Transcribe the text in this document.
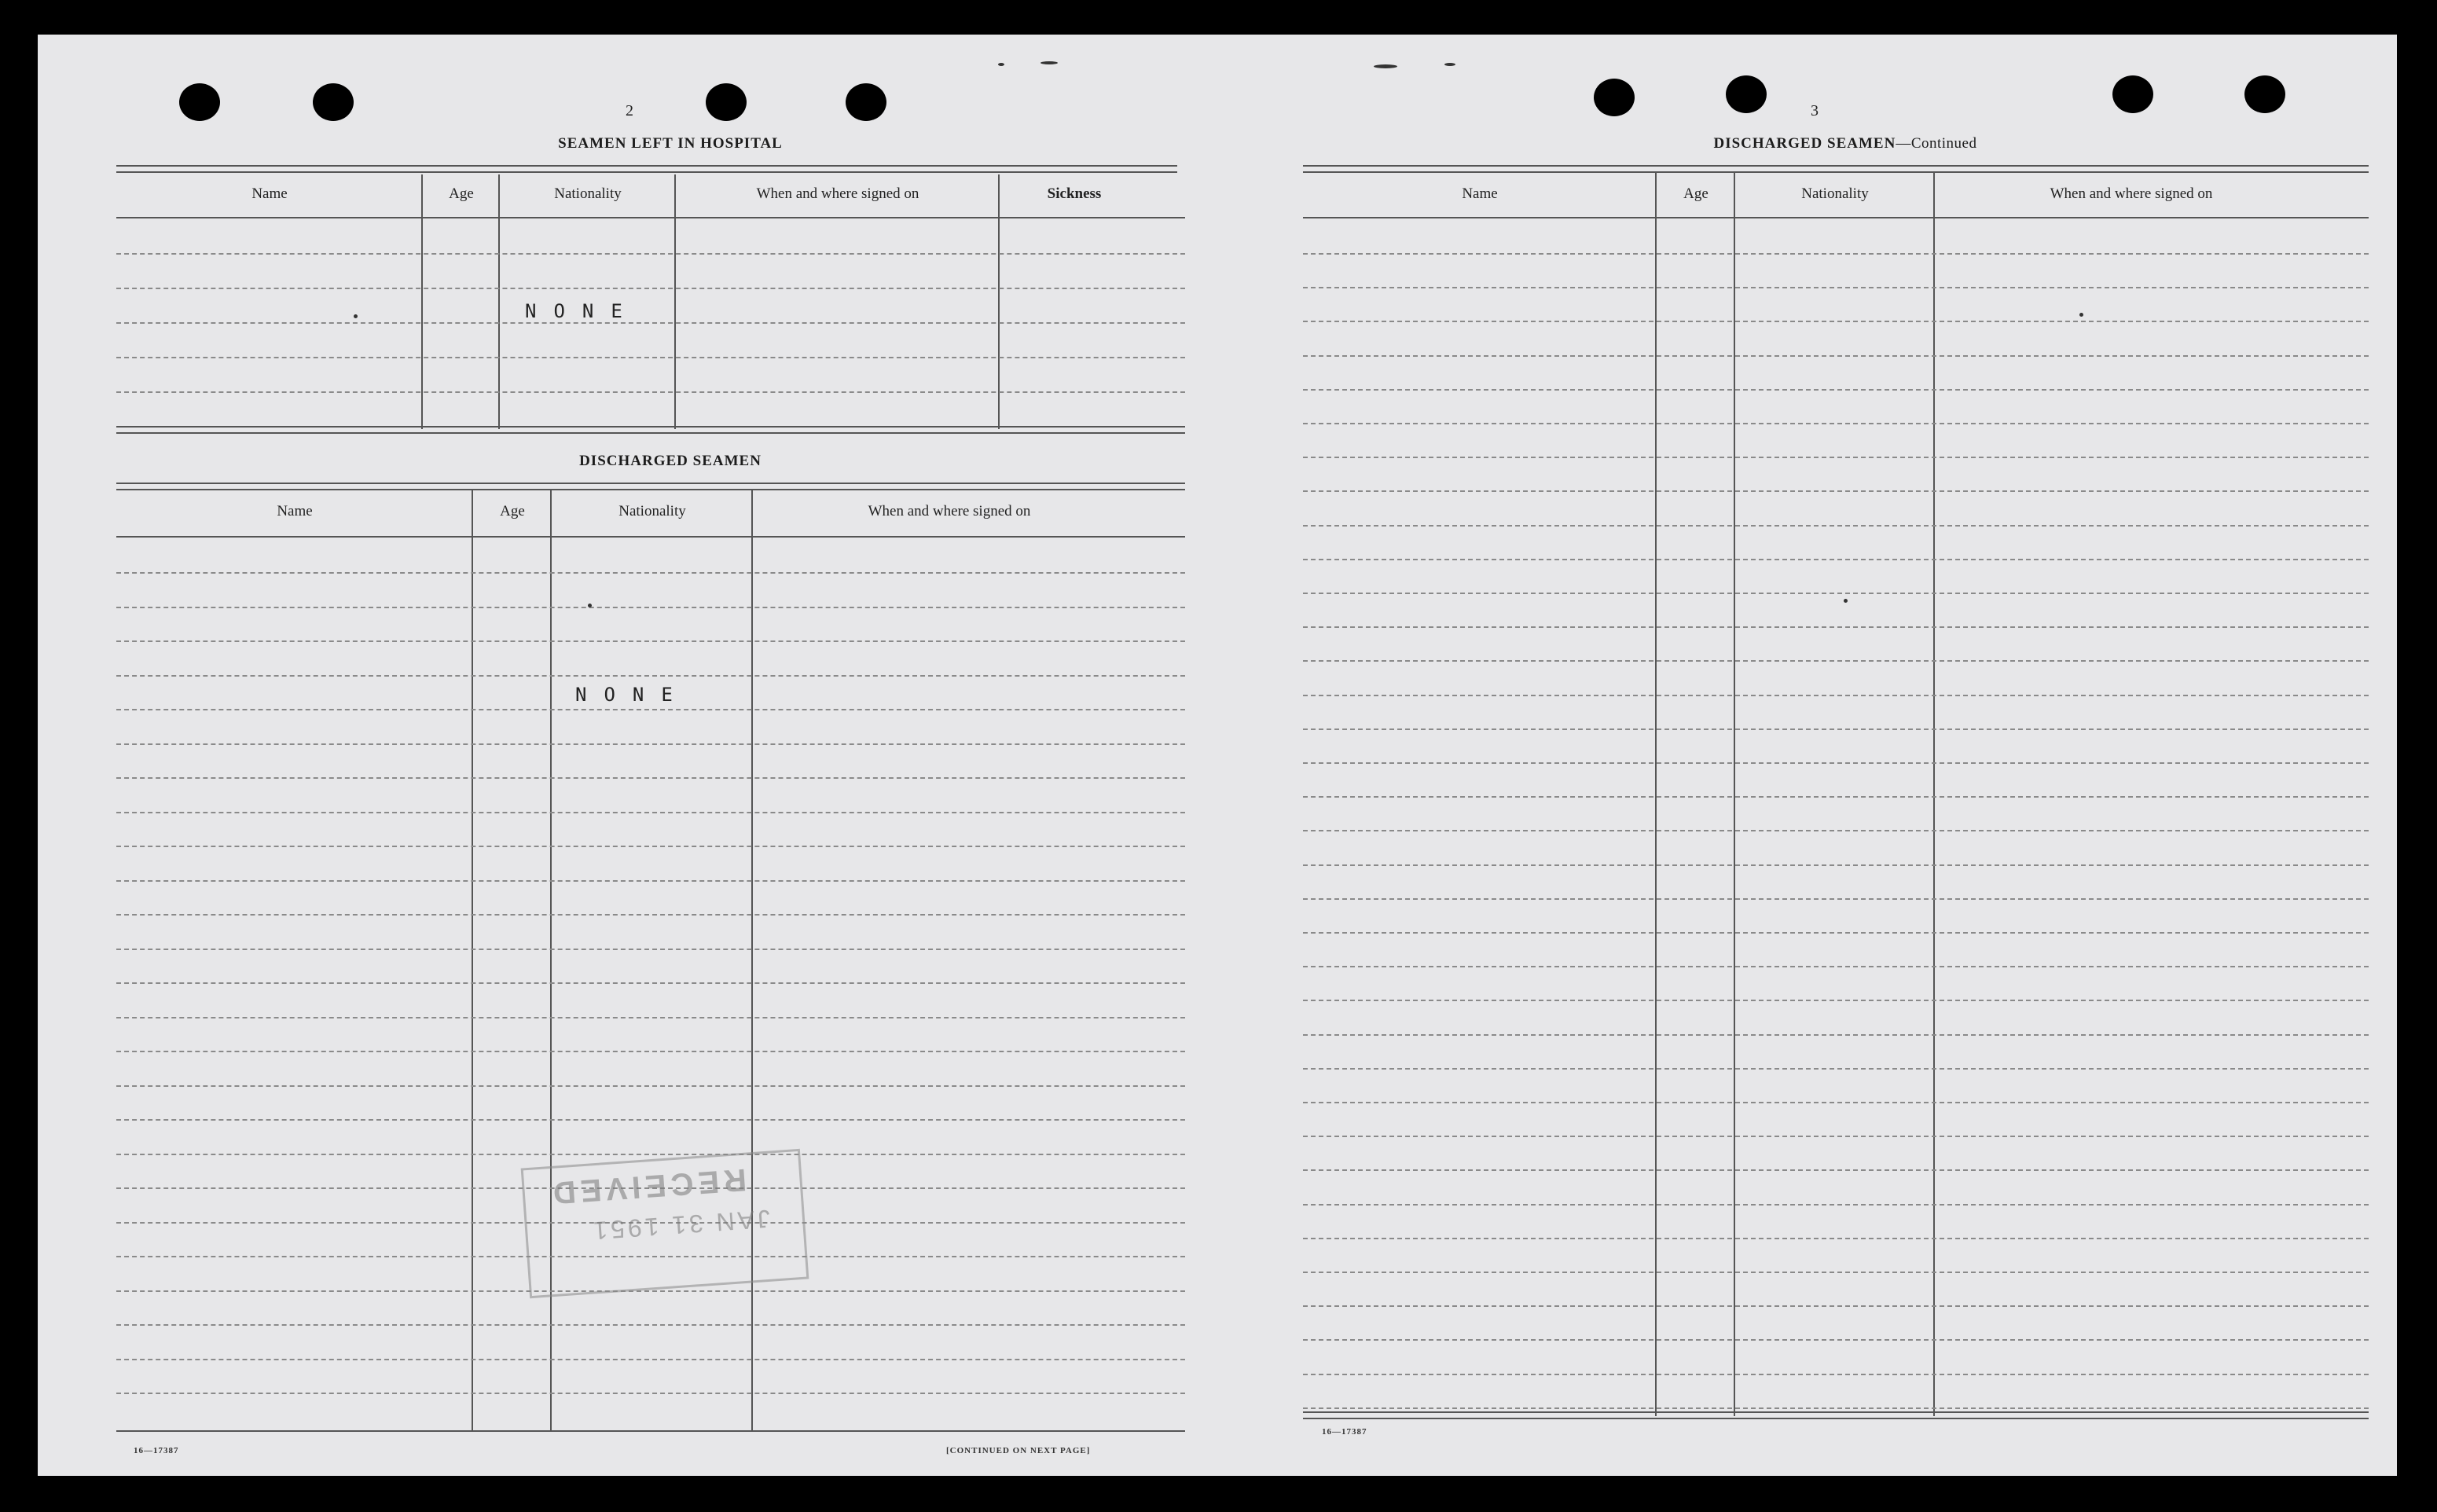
2
SEAMEN LEFT IN HOSPITAL
Name	Age	Nationality	When and where signed on	Sickness
NONE
DISCHARGED SEAMEN
Name	Age	Nationality	When and where signed on
NONE
RECEIVED
JAN 31 1951
16—17387	[CONTINUED ON NEXT PAGE]
3
DISCHARGED SEAMEN—Continued
Name	Age	Nationality	When and where signed on
16—17387
